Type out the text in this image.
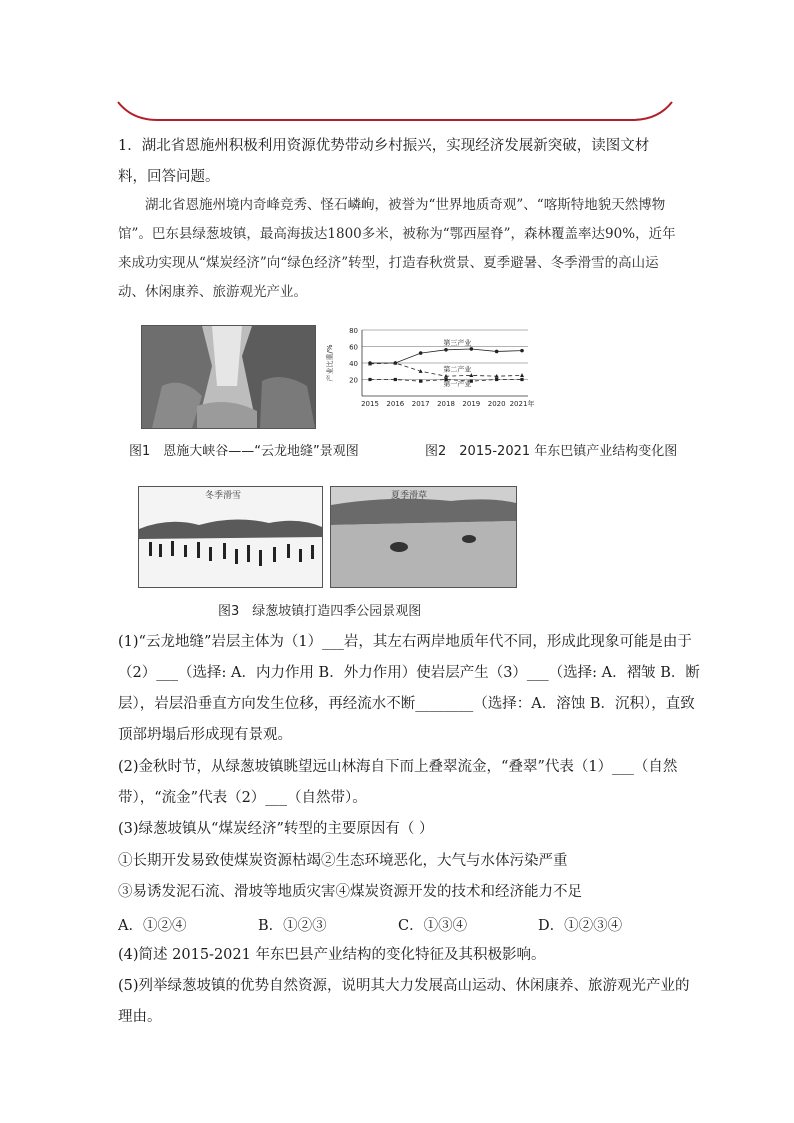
1．湖北省恩施州积极利用资源优势带动乡村振兴，实现经济发展新突破，读图文材料，回答问题。

湖北省恩施州境内奇峰竞秀、怪石嶙峋，被誉为“世界地质奇观”、“喀斯特地貌天然博物馆”。巴东县绿葱坡镇，最高海拔达1800多米，被称为“鄂西屋脊”，森林覆盖率达90%，近年来成功实现从“煤炭经济”向“绿色经济”转型，打造春秋赏景、夏季避暑、冬季滑雪的高山运动、休闲康养、旅游观光产业。

20
40
60
80
产业比重/%
2015 2016 2017 2018 2019 2020 2021年
第三产业
第二产业
第一产业
图1　恩施大峡谷——“云龙地缝”景观图	图2　2015-2021 年东巴镇产业结构变化图
冬季滑雪	夏季滑草
图3　绿葱坡镇打造四季公园景观图
(1)“云龙地缝”岩层主体为（1）___岩，其左右两岸地质年代不同，形成此现象可能是由于
（2）___（选择: A．内力作用 B．外力作用）使岩层产生（3）___（选择: A．褶皱 B．断
层），岩层沿垂直方向发生位移，再经流水不断________（选择：A．溶蚀 B．沉积），直致
顶部坍塌后形成现有景观。
(2)金秋时节，从绿葱坡镇眺望远山林海自下而上叠翠流金，“叠翠”代表（1）___（自然
带），“流金”代表（2）___（自然带）。
(3)绿葱坡镇从“煤炭经济”转型的主要原因有（ ）
①长期开发易致使煤炭资源枯竭②生态环境恶化，大气与水体污染严重
③易诱发泥石流、滑坡等地质灾害④煤炭资源开发的技术和经济能力不足
A．①②④	B．①②③	C．①③④	D．①②③④
(4)简述 2015-2021 年东巴县产业结构的变化特征及其积极影响。
(5)列举绿葱坡镇的优势自然资源，说明其大力发展高山运动、休闲康养、旅游观光产业的
理由。
